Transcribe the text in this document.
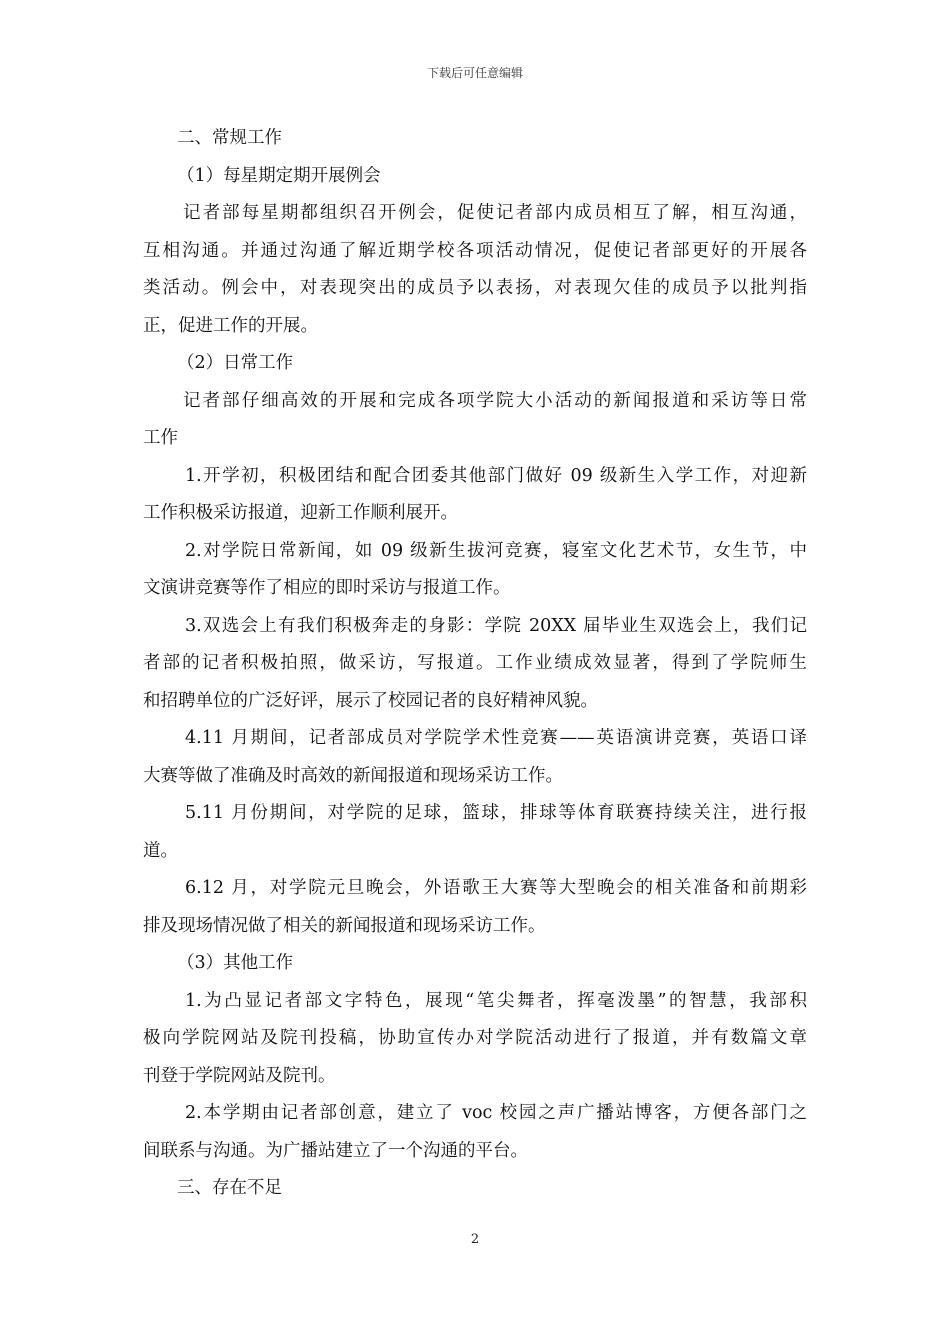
下载后可任意编辑
二、常规工作
（1）每星期定期开展例会
记者部每星期都组织召开例会，促使记者部内成员相互了解，相互沟通，
互相沟通。并通过沟通了解近期学校各项活动情况，促使记者部更好的开展各
类活动。例会中，对表现突出的成员予以表扬，对表现欠佳的成员予以批判指
正，促进工作的开展。
（2）日常工作
记者部仔细高效的开展和完成各项学院大小活动的新闻报道和采访等日常
工作
1.开学初，积极团结和配合团委其他部门做好 09 级新生入学工作，对迎新
工作积极采访报道，迎新工作顺利展开。
2.对学院日常新闻，如 09 级新生拔河竞赛，寝室文化艺术节，女生节，中
文演讲竞赛等作了相应的即时采访与报道工作。
3.双选会上有我们积极奔走的身影：学院 20XX 届毕业生双选会上，我们记
者部的记者积极拍照，做采访，写报道。工作业绩成效显著，得到了学院师生
和招聘单位的广泛好评，展示了校园记者的良好精神风貌。
4.11 月期间，记者部成员对学院学术性竞赛——英语演讲竞赛，英语口译
大赛等做了准确及时高效的新闻报道和现场采访工作。
5.11 月份期间，对学院的足球，篮球，排球等体育联赛持续关注，进行报
道。
6.12 月，对学院元旦晚会，外语歌王大赛等大型晚会的相关准备和前期彩
排及现场情况做了相关的新闻报道和现场采访工作。
（3）其他工作
1.为凸显记者部文字特色，展现“笔尖舞者，挥毫泼墨”的智慧，我部积
极向学院网站及院刊投稿，协助宣传办对学院活动进行了报道，并有数篇文章
刊登于学院网站及院刊。
2.本学期由记者部创意，建立了 voc 校园之声广播站博客，方便各部门之
间联系与沟通。为广播站建立了一个沟通的平台。
三、存在不足
2
